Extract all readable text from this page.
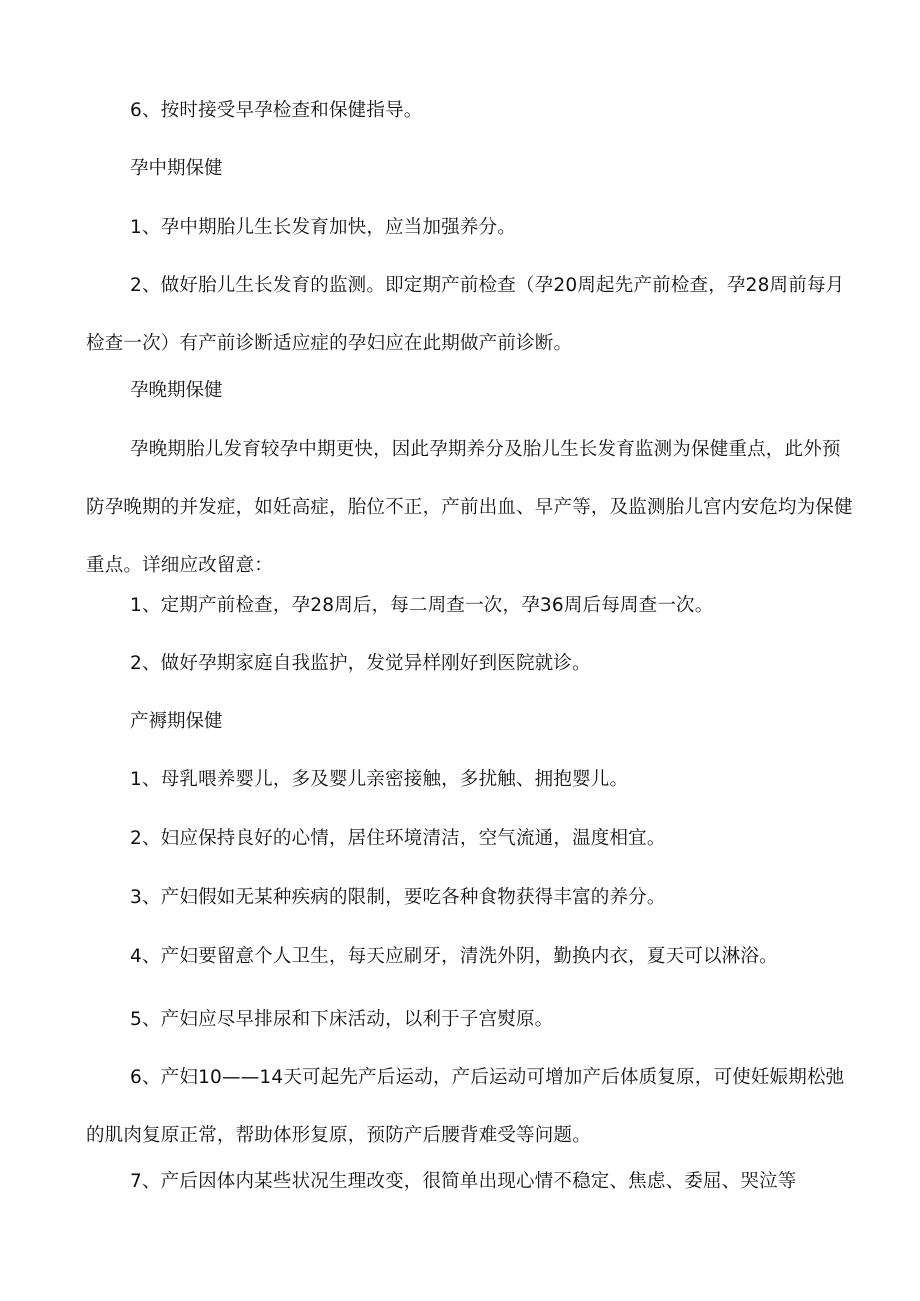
6、按时接受早孕检查和保健指导。

孕中期保健

1、孕中期胎儿生长发育加快，应当加强养分。

2、做好胎儿生长发育的监测。即定期产前检查（孕20周起先产前检查，孕28周前每月检查一次）有产前诊断适应症的孕妇应在此期做产前诊断。

孕晚期保健

孕晚期胎儿发育较孕中期更快，因此孕期养分及胎儿生长发育监测为保健重点，此外预防孕晚期的并发症，如妊高症，胎位不正，产前出血、早产等，及监测胎儿宫内安危均为保健重点。详细应改留意：

1、定期产前检查，孕28周后，每二周查一次，孕36周后每周查一次。

2、做好孕期家庭自我监护，发觉异样刚好到医院就诊。

产褥期保健

1、母乳喂养婴儿，多及婴儿亲密接触，多扰触、拥抱婴儿。

2、妇应保持良好的心情，居住环境清洁，空气流通，温度相宜。

3、产妇假如无某种疾病的限制，要吃各种食物获得丰富的养分。

4、产妇要留意个人卫生，每天应刷牙，清洗外阴，勤换内衣，夏天可以淋浴。

5、产妇应尽早排尿和下床活动，以利于子宫熨原。

6、产妇10——14天可起先产后运动，产后运动可增加产后体质复原，可使妊娠期松弛的肌肉复原正常，帮助体形复原，预防产后腰背难受等问题。

7、产后因体内某些状况生理改变，很简单出现心情不稳定、焦虑、委屈、哭泣等
